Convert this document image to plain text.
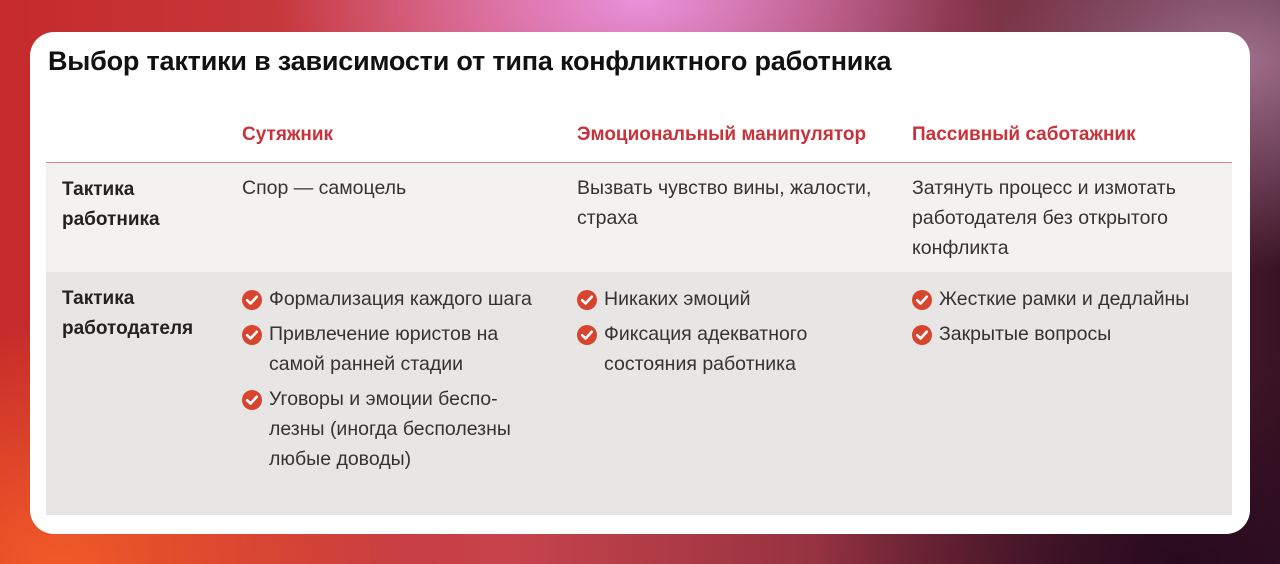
Выбор тактики в зависимости от типа конфликтного работника
Сутяжник	Эмоциональный манипулятор Пассивный саботажник
Тактика работника
Спор — самоцель	Вызвать чувство вины, жалости, страха
Затянуть процесс и измотать работодателя без открытого конфликта
Тактика работодателя
Формализация каждого шага
Привлечение юристов на самой ранней стадии
Уговоры и эмоции бесполезны (иногда бесполезны любые доводы)
Никаких эмоций
Фиксация адекватного состояния работника
Жесткие рамки и дедлайны
Закрытые вопросы
